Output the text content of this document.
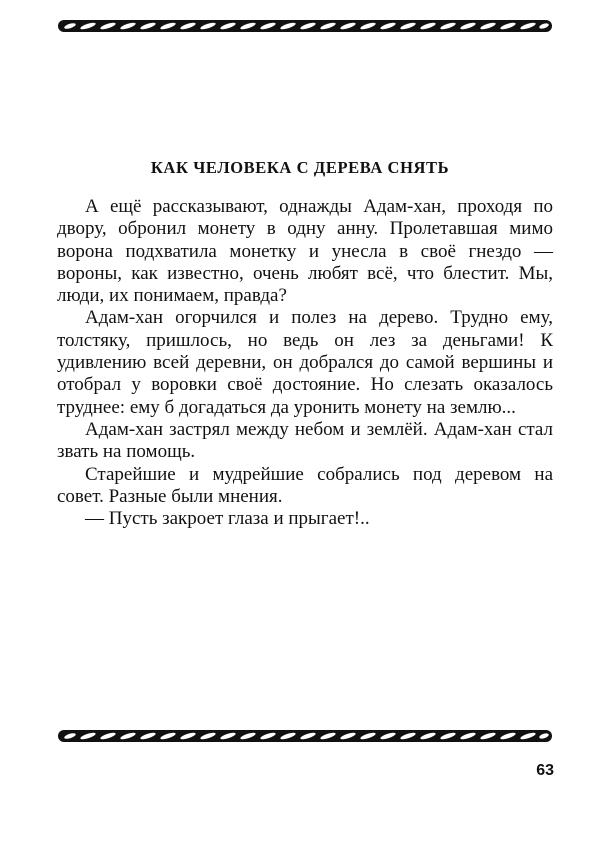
КАК ЧЕЛОВЕКА С ДЕРЕВА СНЯТЬ

А ещё рассказывают, однажды Адам-хан, проходя по двору, обронил монету в одну анну. Пролетавшая мимо ворона подхватила монетку и унесла в своё гнездо — вороны, как известно, очень любят всё, что блестит. Мы, люди, их понимаем, правда?

Адам-хан огорчился и полез на дерево. Трудно ему, толстяку, пришлось, но ведь он лез за деньгами! К удивлению всей деревни, он добрался до самой вершины и отобрал у воровки своё достояние. Но слезать оказалось труднее: ему б догадаться да уронить монету на землю...

Адам-хан застрял между небом и землёй. Адам-хан стал звать на помощь.

Старейшие и мудрейшие собрались под деревом на совет. Разные были мнения.

— Пусть закроет глаза и прыгает!..

63
